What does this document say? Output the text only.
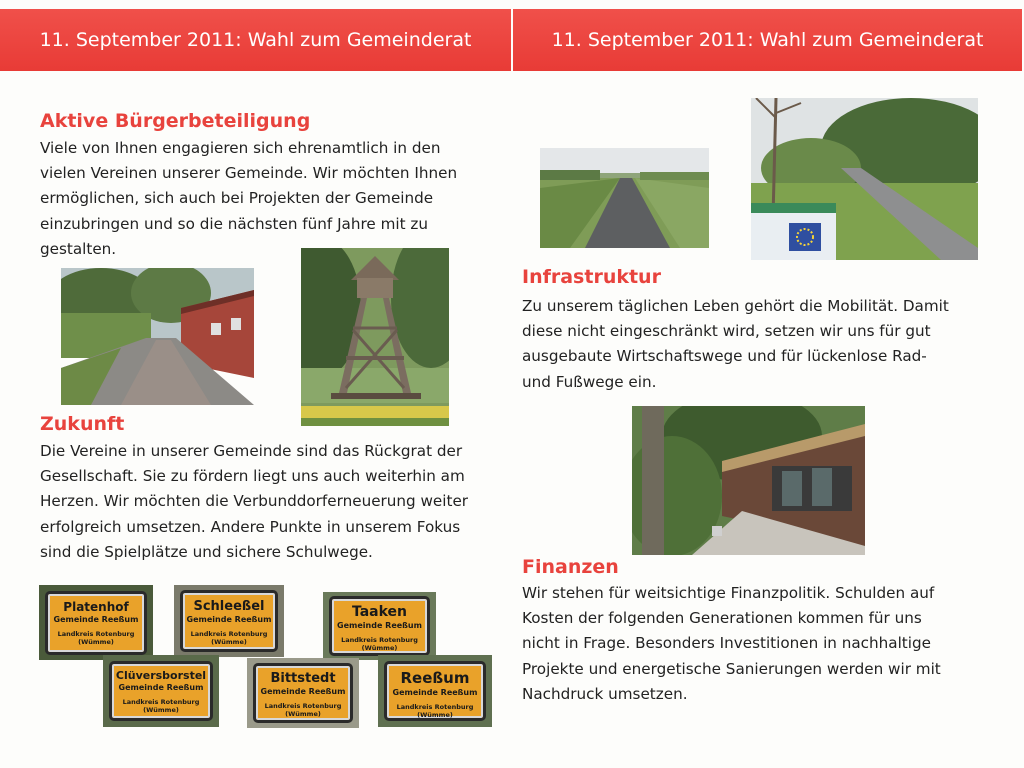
11. September 2011: Wahl zum Gemeinderat	11. September 2011: Wahl zum Gemeinderat
Aktive Bürgerbeteiligung
Viele von Ihnen engagieren sich ehrenamtlich in den
vielen Vereinen unserer Gemeinde. Wir möchten Ihnen
ermöglichen, sich auch bei Projekten der Gemeinde
einzubringen und so die nächsten fünf Jahre mit zu
gestalten.
Zukunft
Die Vereine in unserer Gemeinde sind das Rückgrat der
Gesellschaft. Sie zu fördern liegt uns auch weiterhin am
Herzen. Wir möchten die Verbunddorferneuerung weiter
erfolgreich umsetzen. Andere Punkte in unserem Fokus
sind die Spielplätze und sichere Schulwege.
Platenhof
Gemeinde Reeßum
Landkreis Rotenburg (Wümme)
Schleeßel
Gemeinde Reeßum
Landkreis Rotenburg (Wümme)
Taaken
Gemeinde Reeßum
Landkreis Rotenburg (Wümme)
Clüversborstel
Gemeinde Reeßum
Landkreis Rotenburg (Wümme)
Bittstedt
Gemeinde Reeßum
Landkreis Rotenburg (Wümme)
Reeßum
Gemeinde Reeßum
Landkreis Rotenburg (Wümme)
Infrastruktur
Zu unserem täglichen Leben gehört die Mobilität. Damit
diese nicht eingeschränkt wird, setzen wir uns für gut
ausgebaute Wirtschaftswege und für lückenlose Rad-
und Fußwege ein.
Finanzen
Wir stehen für weitsichtige Finanzpolitik. Schulden auf
Kosten der folgenden Generationen kommen für uns
nicht in Frage. Besonders Investitionen in nachhaltige
Projekte und energetische Sanierungen werden wir mit
Nachdruck umsetzen.
